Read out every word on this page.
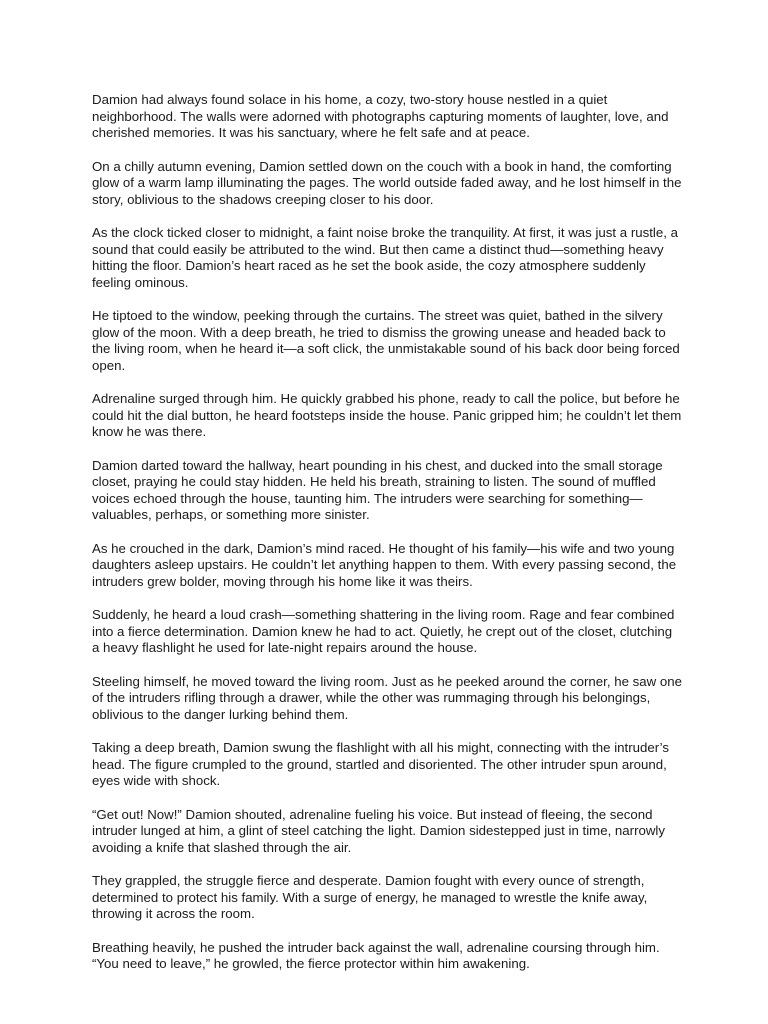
Damion had always found solace in his home, a cozy, two-story house nestled in a quiet neighborhood. The walls were adorned with photographs capturing moments of laughter, love, and cherished memories. It was his sanctuary, where he felt safe and at peace.

On a chilly autumn evening, Damion settled down on the couch with a book in hand, the comforting glow of a warm lamp illuminating the pages. The world outside faded away, and he lost himself in the story, oblivious to the shadows creeping closer to his door.

As the clock ticked closer to midnight, a faint noise broke the tranquility. At first, it was just a rustle, a sound that could easily be attributed to the wind. But then came a distinct thud—something heavy hitting the floor. Damion’s heart raced as he set the book aside, the cozy atmosphere suddenly feeling ominous.

He tiptoed to the window, peeking through the curtains. The street was quiet, bathed in the silvery glow of the moon. With a deep breath, he tried to dismiss the growing unease and headed back to the living room, when he heard it—a soft click, the unmistakable sound of his back door being forced open.

Adrenaline surged through him. He quickly grabbed his phone, ready to call the police, but before he could hit the dial button, he heard footsteps inside the house. Panic gripped him; he couldn’t let them know he was there.

Damion darted toward the hallway, heart pounding in his chest, and ducked into the small storage closet, praying he could stay hidden. He held his breath, straining to listen. The sound of muffled voices echoed through the house, taunting him. The intruders were searching for something—valuables, perhaps, or something more sinister.

As he crouched in the dark, Damion’s mind raced. He thought of his family—his wife and two young daughters asleep upstairs. He couldn’t let anything happen to them. With every passing second, the intruders grew bolder, moving through his home like it was theirs.

Suddenly, he heard a loud crash—something shattering in the living room. Rage and fear combined into a fierce determination. Damion knew he had to act. Quietly, he crept out of the closet, clutching a heavy flashlight he used for late-night repairs around the house.

Steeling himself, he moved toward the living room. Just as he peeked around the corner, he saw one of the intruders rifling through a drawer, while the other was rummaging through his belongings, oblivious to the danger lurking behind them.

Taking a deep breath, Damion swung the flashlight with all his might, connecting with the intruder’s head. The figure crumpled to the ground, startled and disoriented. The other intruder spun around, eyes wide with shock.

“Get out! Now!” Damion shouted, adrenaline fueling his voice. But instead of fleeing, the second intruder lunged at him, a glint of steel catching the light. Damion sidestepped just in time, narrowly avoiding a knife that slashed through the air.

They grappled, the struggle fierce and desperate. Damion fought with every ounce of strength, determined to protect his family. With a surge of energy, he managed to wrestle the knife away, throwing it across the room.

Breathing heavily, he pushed the intruder back against the wall, adrenaline coursing through him. “You need to leave,” he growled, the fierce protector within him awakening.
